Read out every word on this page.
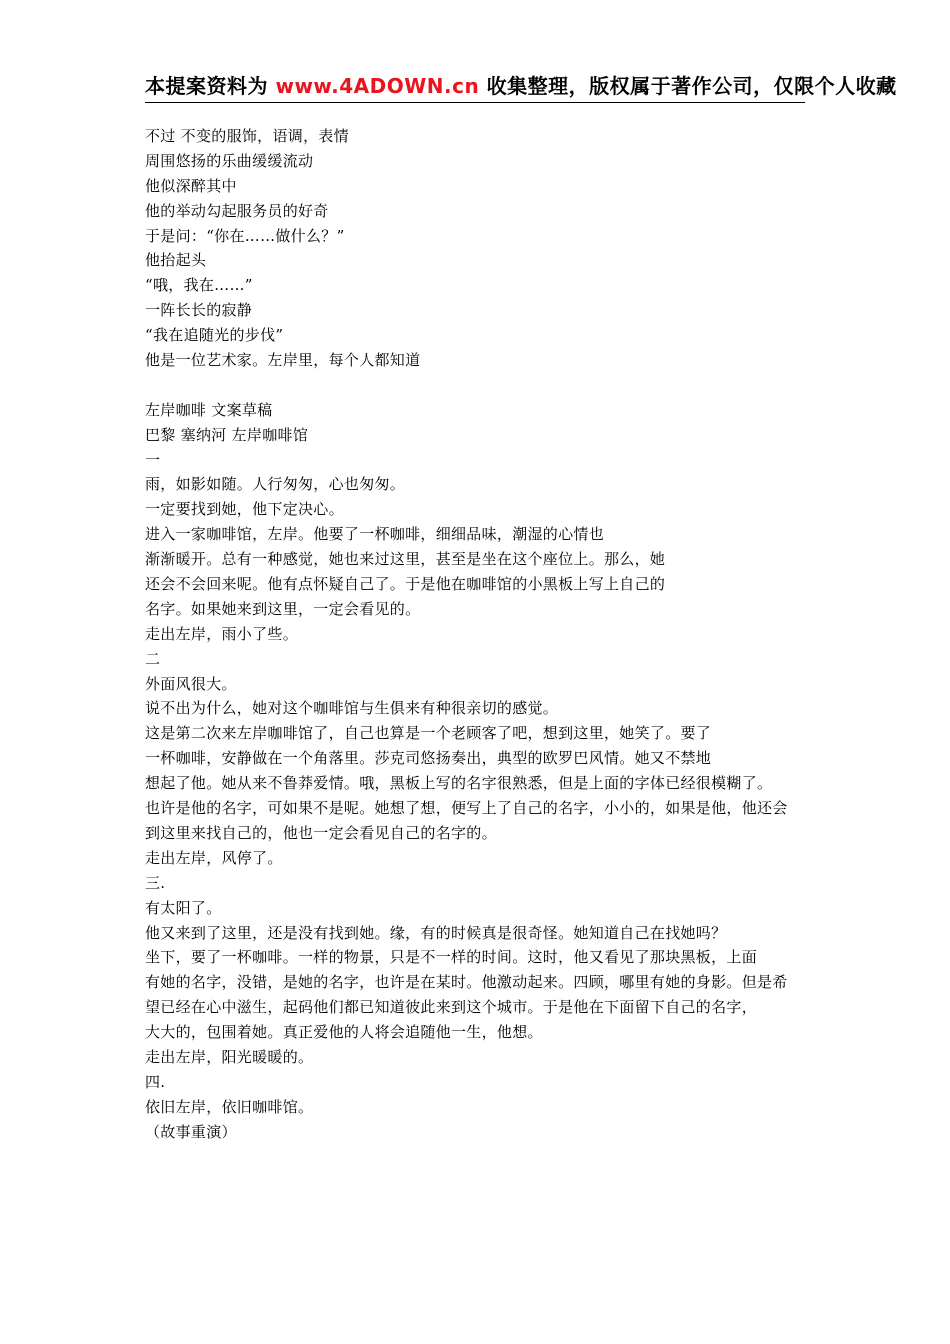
本提案资料为 www.4ADOWN.cn 收集整理，版权属于著作公司，仅限个人收藏
不过 不变的服饰，语调，表情
周围悠扬的乐曲缓缓流动
他似深醉其中
他的举动勾起服务员的好奇
于是问：“你在……做什么？”
他抬起头
“哦，我在……”
一阵长长的寂静
“我在追随光的步伐”
他是一位艺术家。左岸里，每个人都知道
左岸咖啡 文案草稿
巴黎 塞纳河 左岸咖啡馆
一
雨，如影如随。人行匆匆，心也匆匆。
一定要找到她，他下定决心。
进入一家咖啡馆，左岸。他要了一杯咖啡，细细品味，潮湿的心情也
渐渐暖开。总有一种感觉，她也来过这里，甚至是坐在这个座位上。那么，她
还会不会回来呢。他有点怀疑自己了。于是他在咖啡馆的小黑板上写上自己的
名字。如果她来到这里，一定会看见的。
走出左岸，雨小了些。
二
外面风很大。
说不出为什么，她对这个咖啡馆与生俱来有种很亲切的感觉。
这是第二次来左岸咖啡馆了，自己也算是一个老顾客了吧，想到这里，她笑了。要了
一杯咖啡，安静做在一个角落里。莎克司悠扬奏出，典型的欧罗巴风情。她又不禁地
想起了他。她从来不鲁莽爱情。哦，黑板上写的名字很熟悉，但是上面的字体已经很模糊了。
也许是他的名字，可如果不是呢。她想了想，便写上了自己的名字，小小的，如果是他，他还会
到这里来找自己的，他也一定会看见自己的名字的。
走出左岸，风停了。
三.
有太阳了。
他又来到了这里，还是没有找到她。缘，有的时候真是很奇怪。她知道自己在找她吗？
坐下，要了一杯咖啡。一样的物景，只是不一样的时间。这时，他又看见了那块黑板，上面
有她的名字，没错，是她的名字，也许是在某时。他激动起来。四顾，哪里有她的身影。但是希
望已经在心中滋生，起码他们都已知道彼此来到这个城市。于是他在下面留下自己的名字，
大大的，包围着她。真正爱他的人将会追随他一生，他想。
走出左岸，阳光暖暖的。
四.
依旧左岸，依旧咖啡馆。
（故事重演）
